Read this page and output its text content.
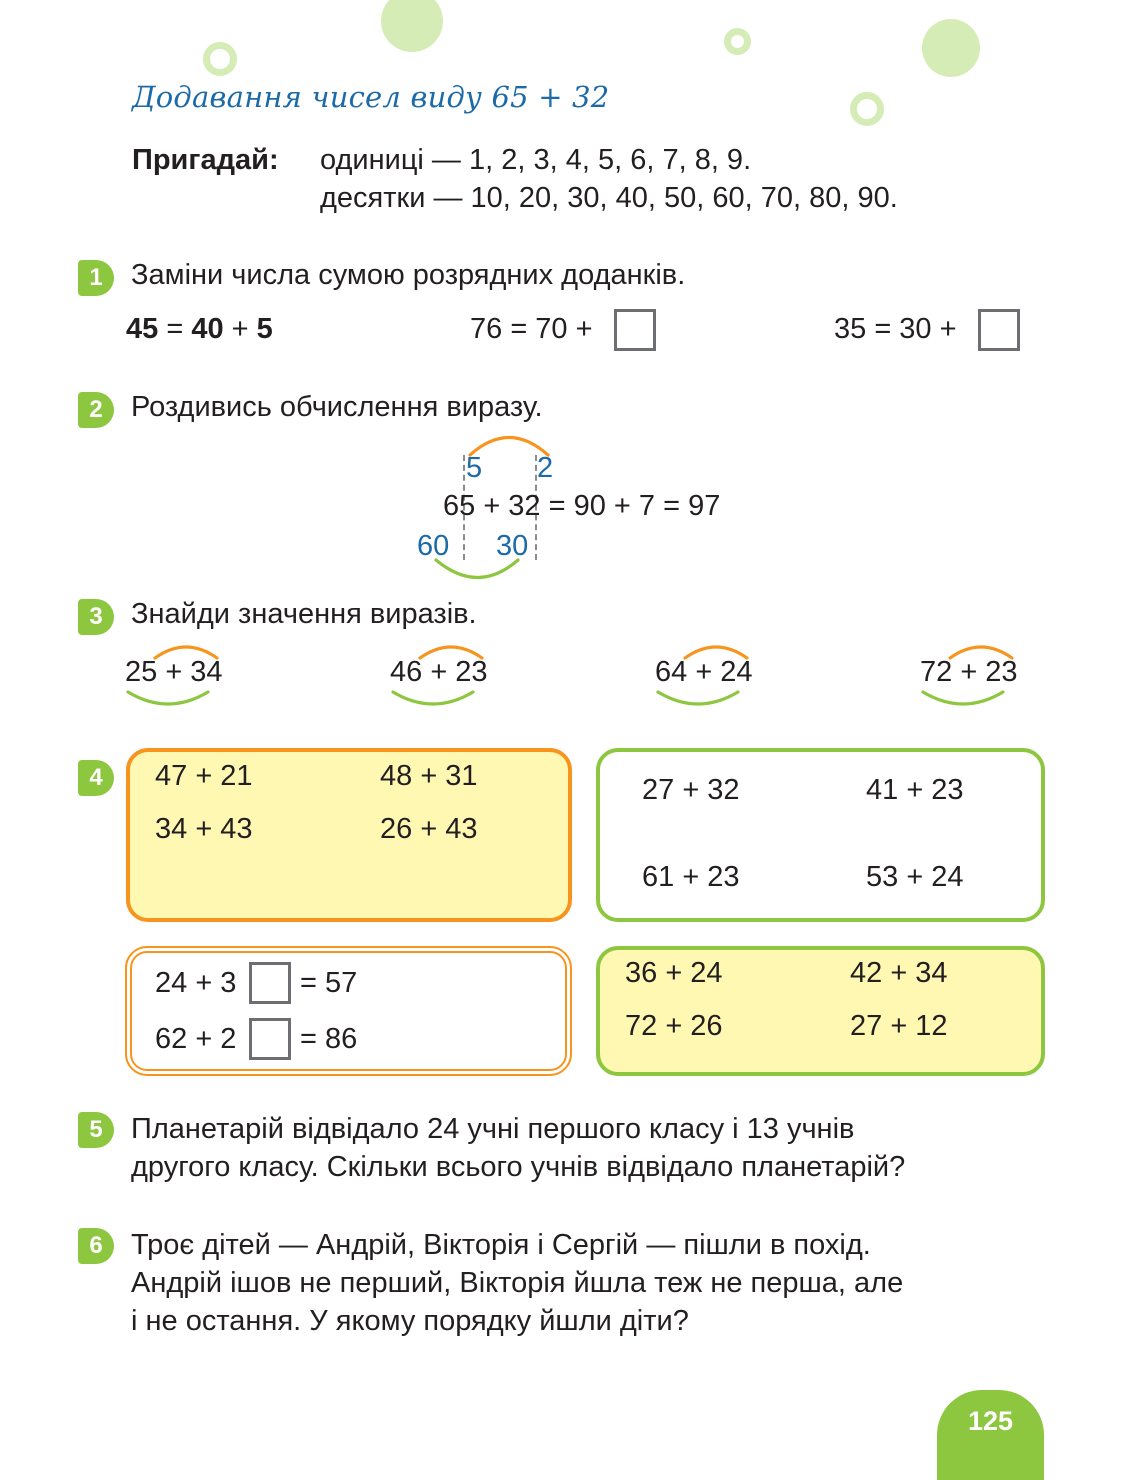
Додавання чисел виду 65 + 32
Пригадай: одиниці — 1, 2, 3, 4, 5, 6, 7, 8, 9.
десятки — 10, 20, 30, 40, 50, 60, 70, 80, 90.
1 Заміни числа сумою розрядних доданків.
45 = 40 + 5	76 = 70 +	35 = 30 +
2 Роздивись обчислення виразу.
5 2
65 + 32 = 90 + 7 = 97
60 30
3 Знайди значення виразів.
25 + 34	46 + 23	64 + 24	72 + 23
4	47 + 21	48 + 31
34 + 43	26 + 43
27 + 32	41 + 23
61 + 23	53 + 24
24 + 3 = 57
62 + 2 = 86
36 + 24	42 + 34
72 + 26	27 + 12
5 Планетарій відвідало 24 учні першого класу і 13 учнів
другого класу. Скільки всього учнів відвідало планетарій?
6 Троє дітей — Андрій, Вікторія і Сергій — пішли в похід.
Андрій ішов не перший, Вікторія йшла теж не перша, але
і не остання. У якому порядку йшли діти?
125
